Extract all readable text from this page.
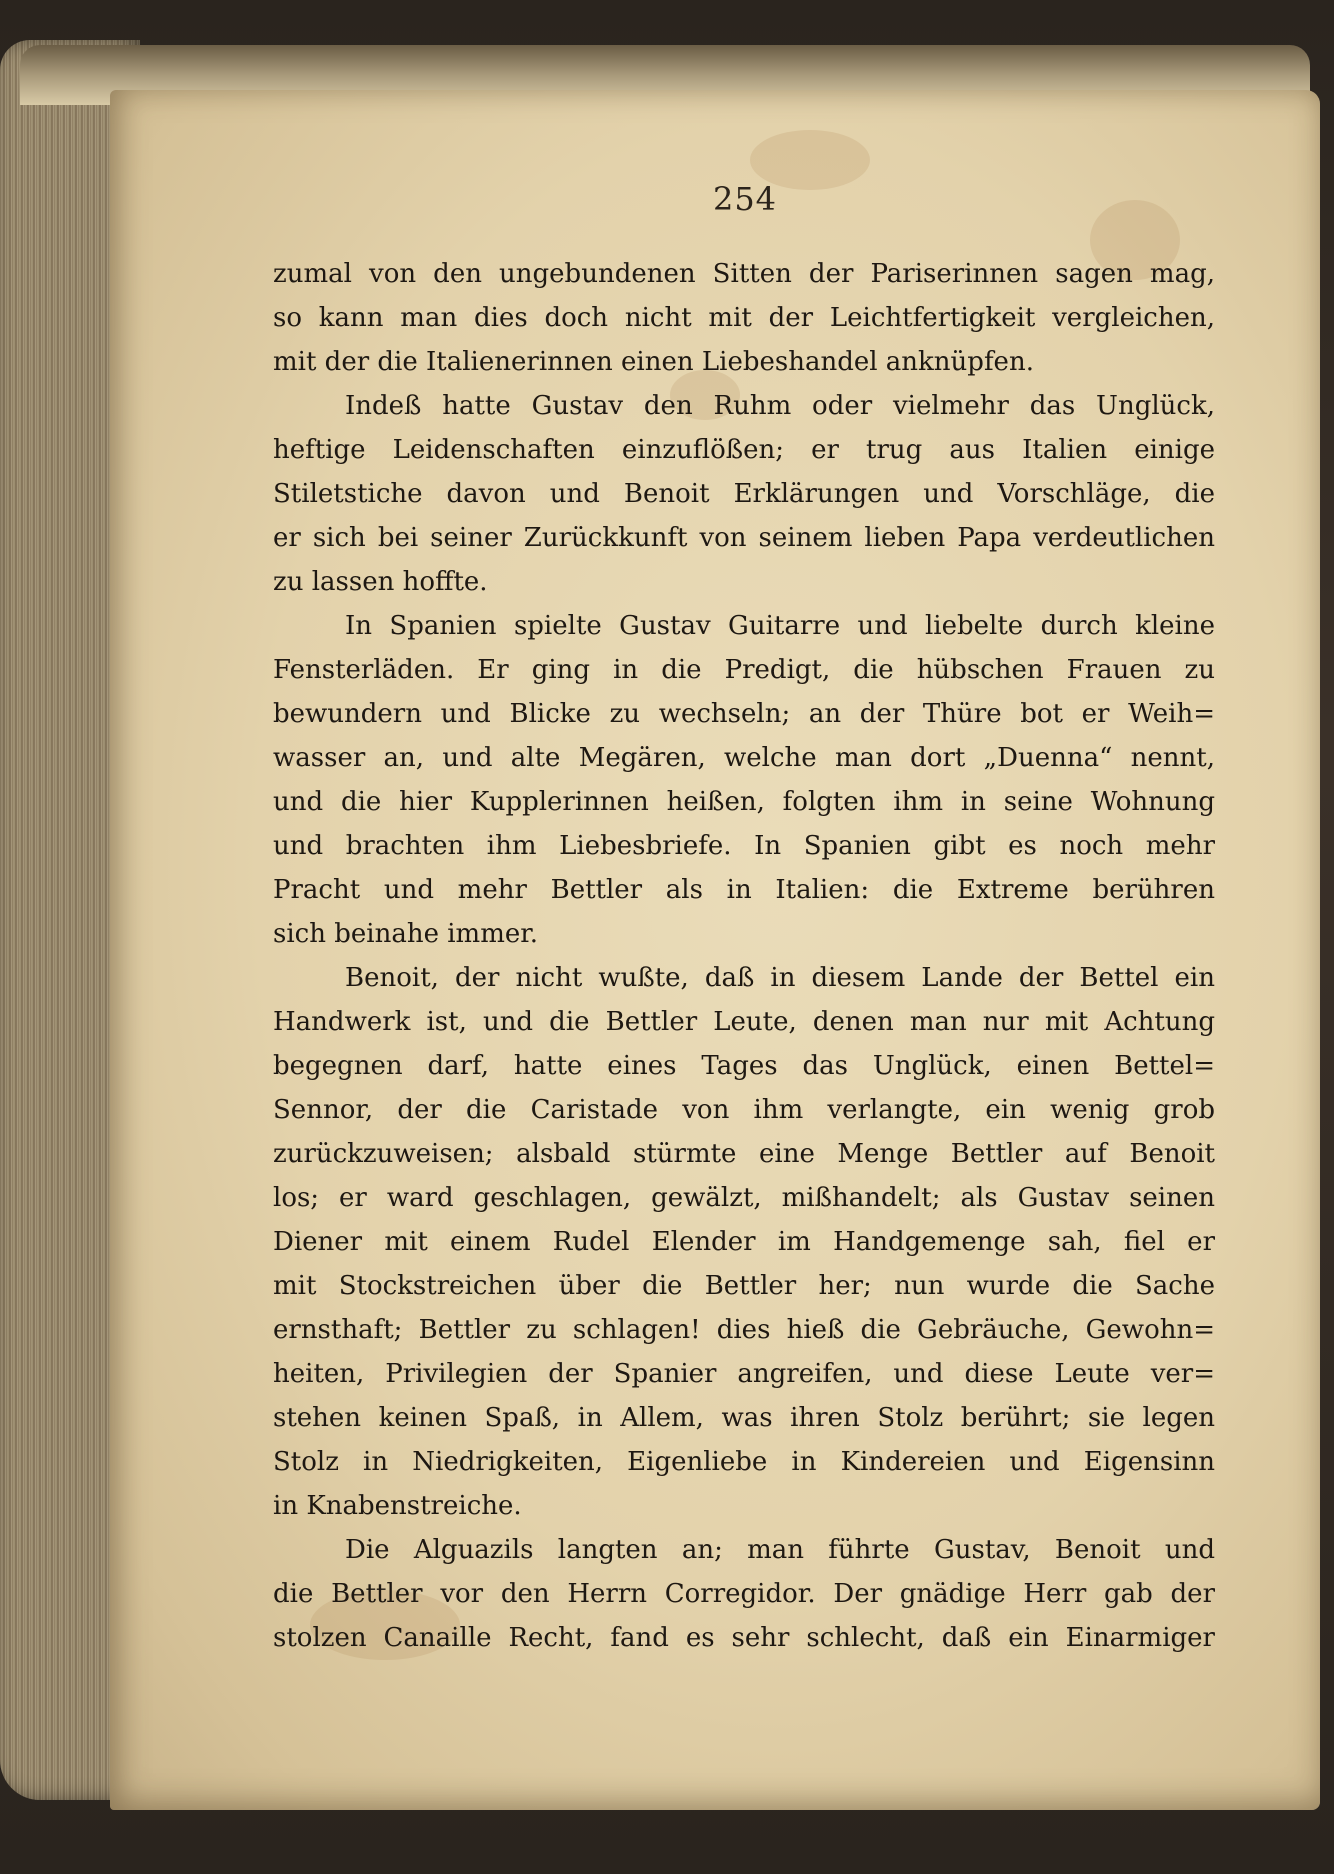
254
zumal von den ungebundenen Sitten der Pariserinnen sagen mag,
so kann man dies doch nicht mit der Leichtfertigkeit vergleichen,
mit der die Italienerinnen einen Liebeshandel anknüpfen.
Indeß hatte Gustav den Ruhm oder vielmehr das Unglück,
heftige Leidenschaften einzuflößen; er trug aus Italien einige
Stiletstiche davon und Benoit Erklärungen und Vorschläge, die
er sich bei seiner Zurückkunft von seinem lieben Papa verdeutlichen
zu lassen hoffte.
In Spanien spielte Gustav Guitarre und liebelte durch kleine
Fensterläden. Er ging in die Predigt, die hübschen Frauen zu
bewundern und Blicke zu wechseln; an der Thüre bot er Weih=
wasser an, und alte Megären, welche man dort „Duenna“ nennt,
und die hier Kupplerinnen heißen, folgten ihm in seine Wohnung
und brachten ihm Liebesbriefe. In Spanien gibt es noch mehr
Pracht und mehr Bettler als in Italien: die Extreme berühren
sich beinahe immer.
Benoit, der nicht wußte, daß in diesem Lande der Bettel ein
Handwerk ist, und die Bettler Leute, denen man nur mit Achtung
begegnen darf, hatte eines Tages das Unglück, einen Bettel=
Sennor, der die Caristade von ihm verlangte, ein wenig grob
zurückzuweisen; alsbald stürmte eine Menge Bettler auf Benoit
los; er ward geschlagen, gewälzt, mißhandelt; als Gustav seinen
Diener mit einem Rudel Elender im Handgemenge sah, fiel er
mit Stockstreichen über die Bettler her; nun wurde die Sache
ernsthaft; Bettler zu schlagen! dies hieß die Gebräuche, Gewohn=
heiten, Privilegien der Spanier angreifen, und diese Leute ver=
stehen keinen Spaß, in Allem, was ihren Stolz berührt; sie legen
Stolz in Niedrigkeiten, Eigenliebe in Kindereien und Eigensinn
in Knabenstreiche.
Die Alguazils langten an; man führte Gustav, Benoit und
die Bettler vor den Herrn Corregidor. Der gnädige Herr gab der
stolzen Canaille Recht, fand es sehr schlecht, daß ein Einarmiger
